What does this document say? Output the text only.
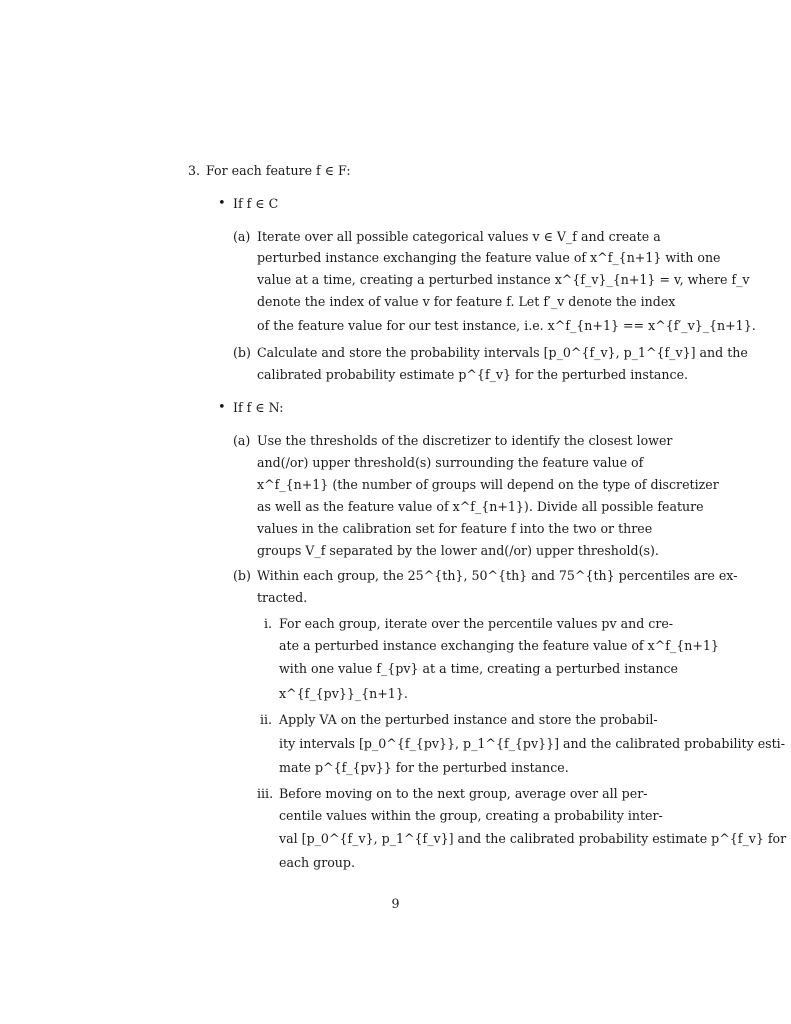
3. For each feature f ∈ F:
• If f ∈ C
(a) Iterate over all possible categorical values v ∈ V_f and create a
perturbed instance exchanging the feature value of x^f_{n+1} with one
value at a time, creating a perturbed instance x^{f_v}_{n+1} = v, where f_v
denote the index of value v for feature f. Let f′_v denote the index
of the feature value for our test instance, i.e. x^f_{n+1} == x^{f′_v}_{n+1}.
(b) Calculate and store the probability intervals [p_0^{f_v}, p_1^{f_v}] and the
calibrated probability estimate p^{f_v} for the perturbed instance.
• If f ∈ N:
(a) Use the thresholds of the discretizer to identify the closest lower
and(/or) upper threshold(s) surrounding the feature value of
x^f_{n+1} (the number of groups will depend on the type of discretizer
as well as the feature value of x^f_{n+1}). Divide all possible feature
values in the calibration set for feature f into the two or three
groups V_f separated by the lower and(/or) upper threshold(s).
(b) Within each group, the 25^{th}, 50^{th} and 75^{th} percentiles are ex-
tracted.
i. For each group, iterate over the percentile values pv and cre-
ate a perturbed instance exchanging the feature value of x^f_{n+1}
with one value f_{pv} at a time, creating a perturbed instance
x^{f_{pv}}_{n+1}.
ii. Apply VA on the perturbed instance and store the probabil-
ity intervals [p_0^{f_{pv}}, p_1^{f_{pv}}] and the calibrated probability esti-
mate p^{f_{pv}} for the perturbed instance.
iii. Before moving on to the next group, average over all per-
centile values within the group, creating a probability inter-
val [p_0^{f_v}, p_1^{f_v}] and the calibrated probability estimate p^{f_v} for
each group.
9
